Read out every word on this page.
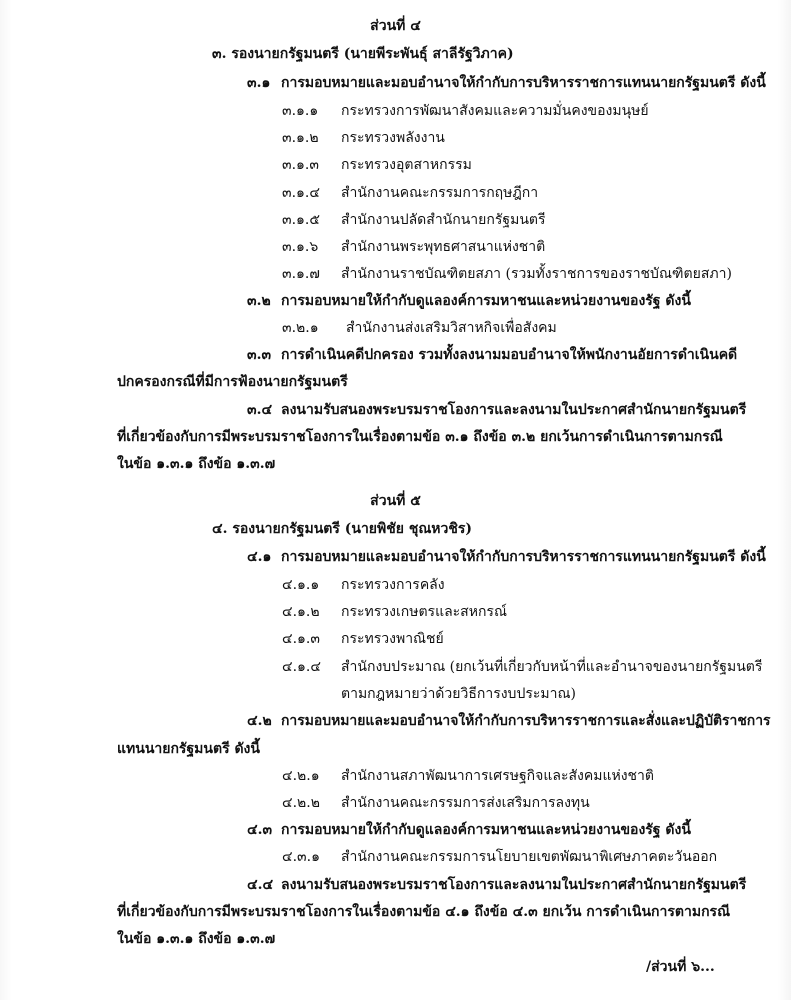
ส่วนที่ ๔
๓. รองนายกรัฐมนตรี (นายพีระพันธุ์ สาลีรัฐวิภาค)
๓.๑ การมอบหมายและมอบอำนาจให้กำกับการบริหารราชการแทนนายกรัฐมนตรี ดังนี้
๓.๑.๑ กระทรวงการพัฒนาสังคมและความมั่นคงของมนุษย์
๓.๑.๒ กระทรวงพลังงาน
๓.๑.๓ กระทรวงอุตสาหกรรม
๓.๑.๔ สำนักงานคณะกรรมการกฤษฎีกา
๓.๑.๕ สำนักงานปลัดสำนักนายกรัฐมนตรี
๓.๑.๖ สำนักงานพระพุทธศาสนาแห่งชาติ
๓.๑.๗ สำนักงานราชบัณฑิตยสภา (รวมทั้งราชการของราชบัณฑิตยสภา)
๓.๒ การมอบหมายให้กำกับดูแลองค์การมหาชนและหน่วยงานของรัฐ ดังนี้
๓.๒.๑ สำนักงานส่งเสริมวิสาหกิจเพื่อสังคม
๓.๓ การดำเนินคดีปกครอง รวมทั้งลงนามมอบอำนาจให้พนักงานอัยการดำเนินคดี
ปกครองกรณีที่มีการฟ้องนายกรัฐมนตรี
๓.๔ ลงนามรับสนองพระบรมราชโองการและลงนามในประกาศสำนักนายกรัฐมนตรี
ที่เกี่ยวข้องกับการมีพระบรมราชโองการในเรื่องตามข้อ ๓.๑ ถึงข้อ ๓.๒ ยกเว้นการดำเนินการตามกรณี
ในข้อ ๑.๓.๑ ถึงข้อ ๑.๓.๗
ส่วนที่ ๕
๔. รองนายกรัฐมนตรี (นายพิชัย ชุณหวชิร)
๔.๑ การมอบหมายและมอบอำนาจให้กำกับการบริหารราชการแทนนายกรัฐมนตรี ดังนี้
๔.๑.๑ กระทรวงการคลัง
๔.๑.๒ กระทรวงเกษตรและสหกรณ์
๔.๑.๓ กระทรวงพาณิชย์
๔.๑.๔ สำนักงบประมาณ (ยกเว้นที่เกี่ยวกับหน้าที่และอำนาจของนายกรัฐมนตรี
ตามกฎหมายว่าด้วยวิธีการงบประมาณ)
๔.๒ การมอบหมายและมอบอำนาจให้กำกับการบริหารราชการและสั่งและปฏิบัติราชการ
แทนนายกรัฐมนตรี ดังนี้
๔.๒.๑ สำนักงานสภาพัฒนาการเศรษฐกิจและสังคมแห่งชาติ
๔.๒.๒ สำนักงานคณะกรรมการส่งเสริมการลงทุน
๔.๓ การมอบหมายให้กำกับดูแลองค์การมหาชนและหน่วยงานของรัฐ ดังนี้
๔.๓.๑ สำนักงานคณะกรรมการนโยบายเขตพัฒนาพิเศษภาคตะวันออก
๔.๔ ลงนามรับสนองพระบรมราชโองการและลงนามในประกาศสำนักนายกรัฐมนตรี
ที่เกี่ยวข้องกับการมีพระบรมราชโองการในเรื่องตามข้อ ๔.๑ ถึงข้อ ๔.๓ ยกเว้น การดำเนินการตามกรณี
ในข้อ ๑.๓.๑ ถึงข้อ ๑.๓.๗
/ส่วนที่ ๖...
